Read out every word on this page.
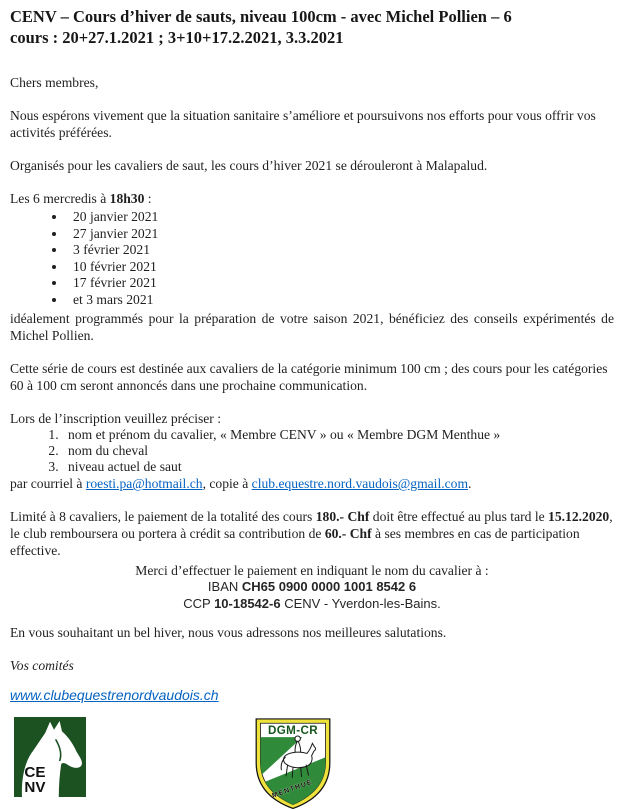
CENV – Cours d’hiver de sauts, niveau 100cm - avec Michel Pollien – 6
cours : 20+27.1.2021 ; 3+10+17.2.2021, 3.3.2021

Chers membres,

Nous espérons vivement que la situation sanitaire s’améliore et poursuivons nos efforts pour vous offrir vos activités préférées.

Organisés pour les cavaliers de saut, les cours d’hiver 2021 se dérouleront à Malapalud.

Les 6 mercredis à 18h30 :

• 20 janvier 2021
• 27 janvier 2021
• 3 février 2021
• 10 février 2021
• 17 février 2021
• et 3 mars 2021

idéalement programmés pour la préparation de votre saison 2021, bénéficiez des conseils expérimentés de Michel Pollien.

Cette série de cours est destinée aux cavaliers de la catégorie minimum 100 cm ; des cours pour les catégories 60 à 100 cm seront annoncés dans une prochaine communication.

Lors de l’inscription veuillez préciser :

1. nom et prénom du cavalier, « Membre CENV » ou « Membre DGM Menthue »
2. nom du cheval
3. niveau actuel de saut

par courriel à roesti.pa@hotmail.ch, copie à club.equestre.nord.vaudois@gmail.com.

Limité à 8 cavaliers, le paiement de la totalité des cours 180.- Chf doit être effectué au plus tard le 15.12.2020, le club remboursera ou portera à crédit sa contribution de 60.- Chf à ses membres en cas de participation effective.

Merci d’effectuer le paiement en indiquant le nom du cavalier à :

IBAN CH65 0900 0000 1001 8542 6

CCP 10-18542-6 CENV - Yverdon-les-Bains.

En vous souhaitant un bel hiver, nous vous adressons nos meilleures salutations.

Vos comités

www.clubequestrenordvaudois.ch

CE
NV
DGM-CR
MENTHUE
